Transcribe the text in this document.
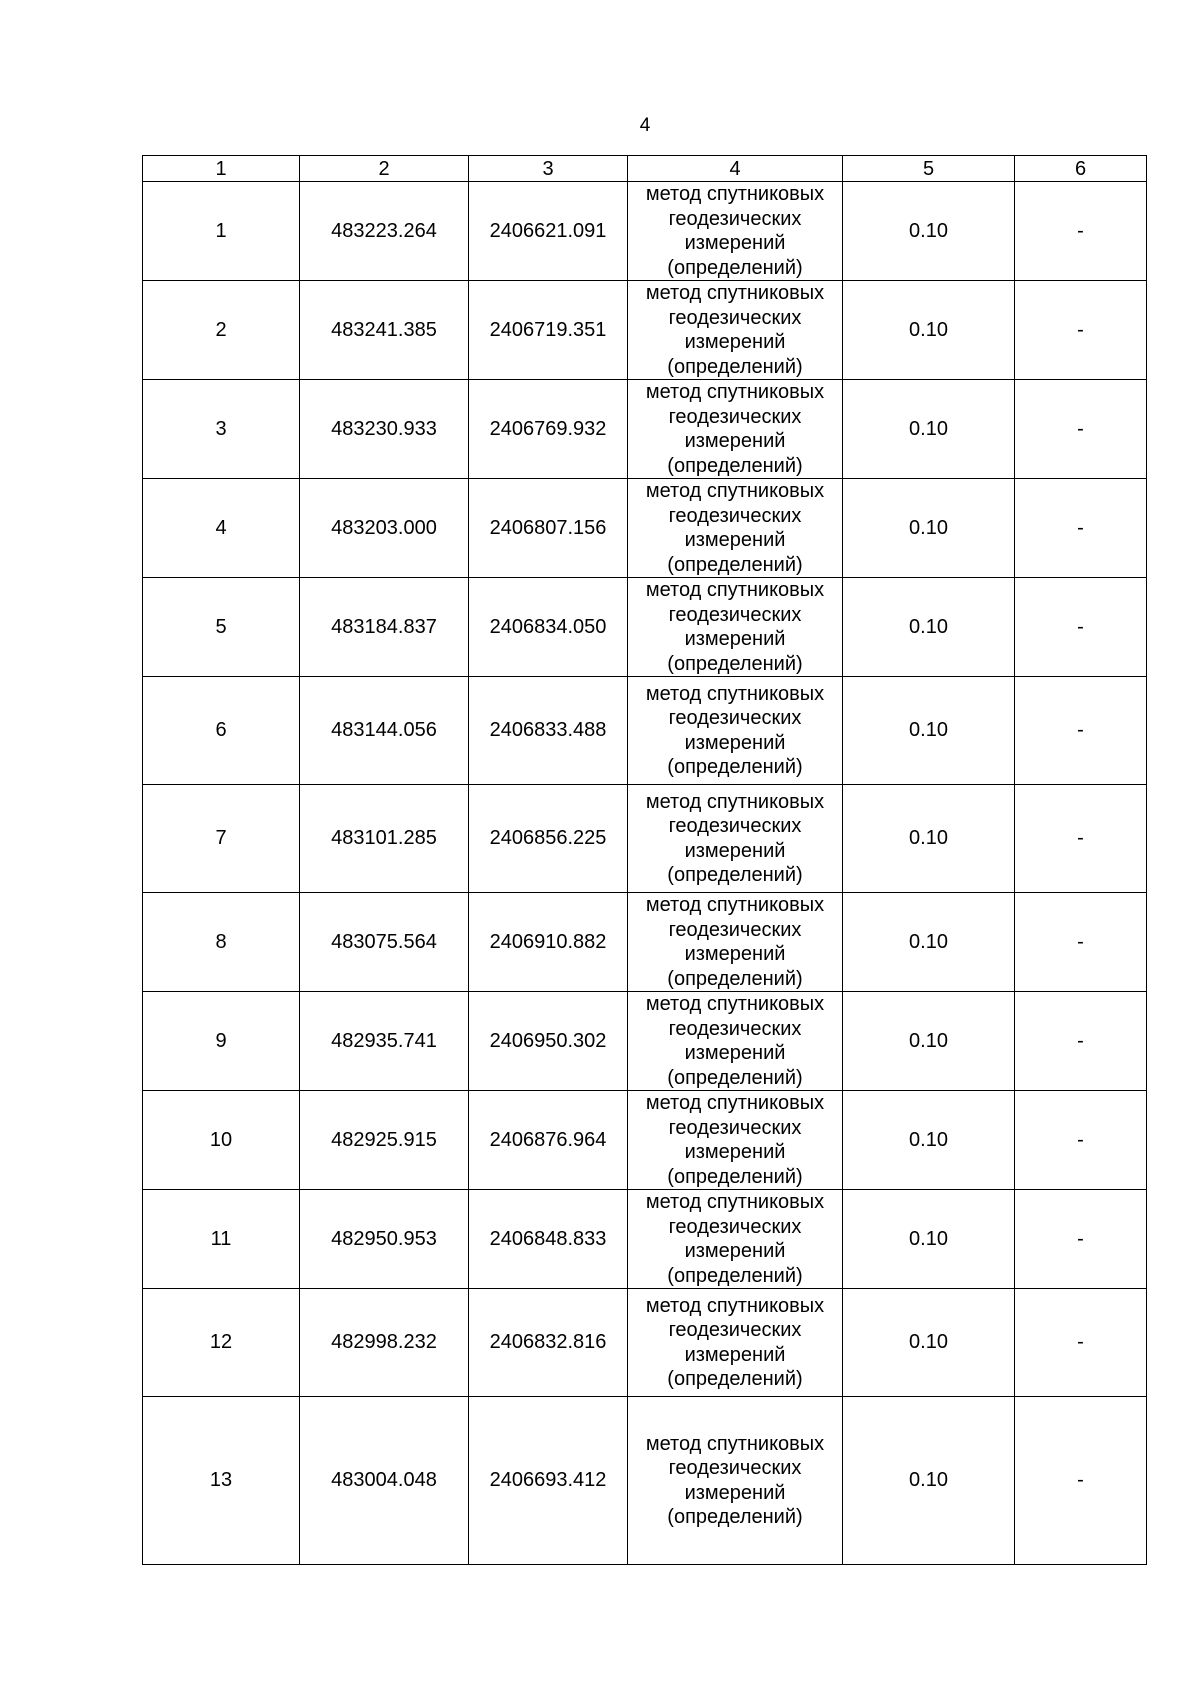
4
1	2	3	4	5	6
1	483223.264	2406621.091	метод спутниковых геодезических измерений (определений)	0.10	-
2	483241.385	2406719.351	метод спутниковых геодезических измерений (определений)	0.10	-
3	483230.933	2406769.932	метод спутниковых геодезических измерений (определений)	0.10	-
4	483203.000	2406807.156	метод спутниковых геодезических измерений (определений)	0.10	-
5	483184.837	2406834.050	метод спутниковых геодезических измерений (определений)	0.10	-
6	483144.056	2406833.488	метод спутниковых геодезических измерений (определений)	0.10	-
7	483101.285	2406856.225	метод спутниковых геодезических измерений (определений)	0.10	-
8	483075.564	2406910.882	метод спутниковых геодезических измерений (определений)	0.10	-
9	482935.741	2406950.302	метод спутниковых геодезических измерений (определений)	0.10	-
10	482925.915	2406876.964	метод спутниковых геодезических измерений (определений)	0.10	-
11	482950.953	2406848.833	метод спутниковых геодезических измерений (определений)	0.10	-
12	482998.232	2406832.816	метод спутниковых геодезических измерений (определений)	0.10	-
13	483004.048	2406693.412	метод спутниковых геодезических измерений (определений)	0.10	-
